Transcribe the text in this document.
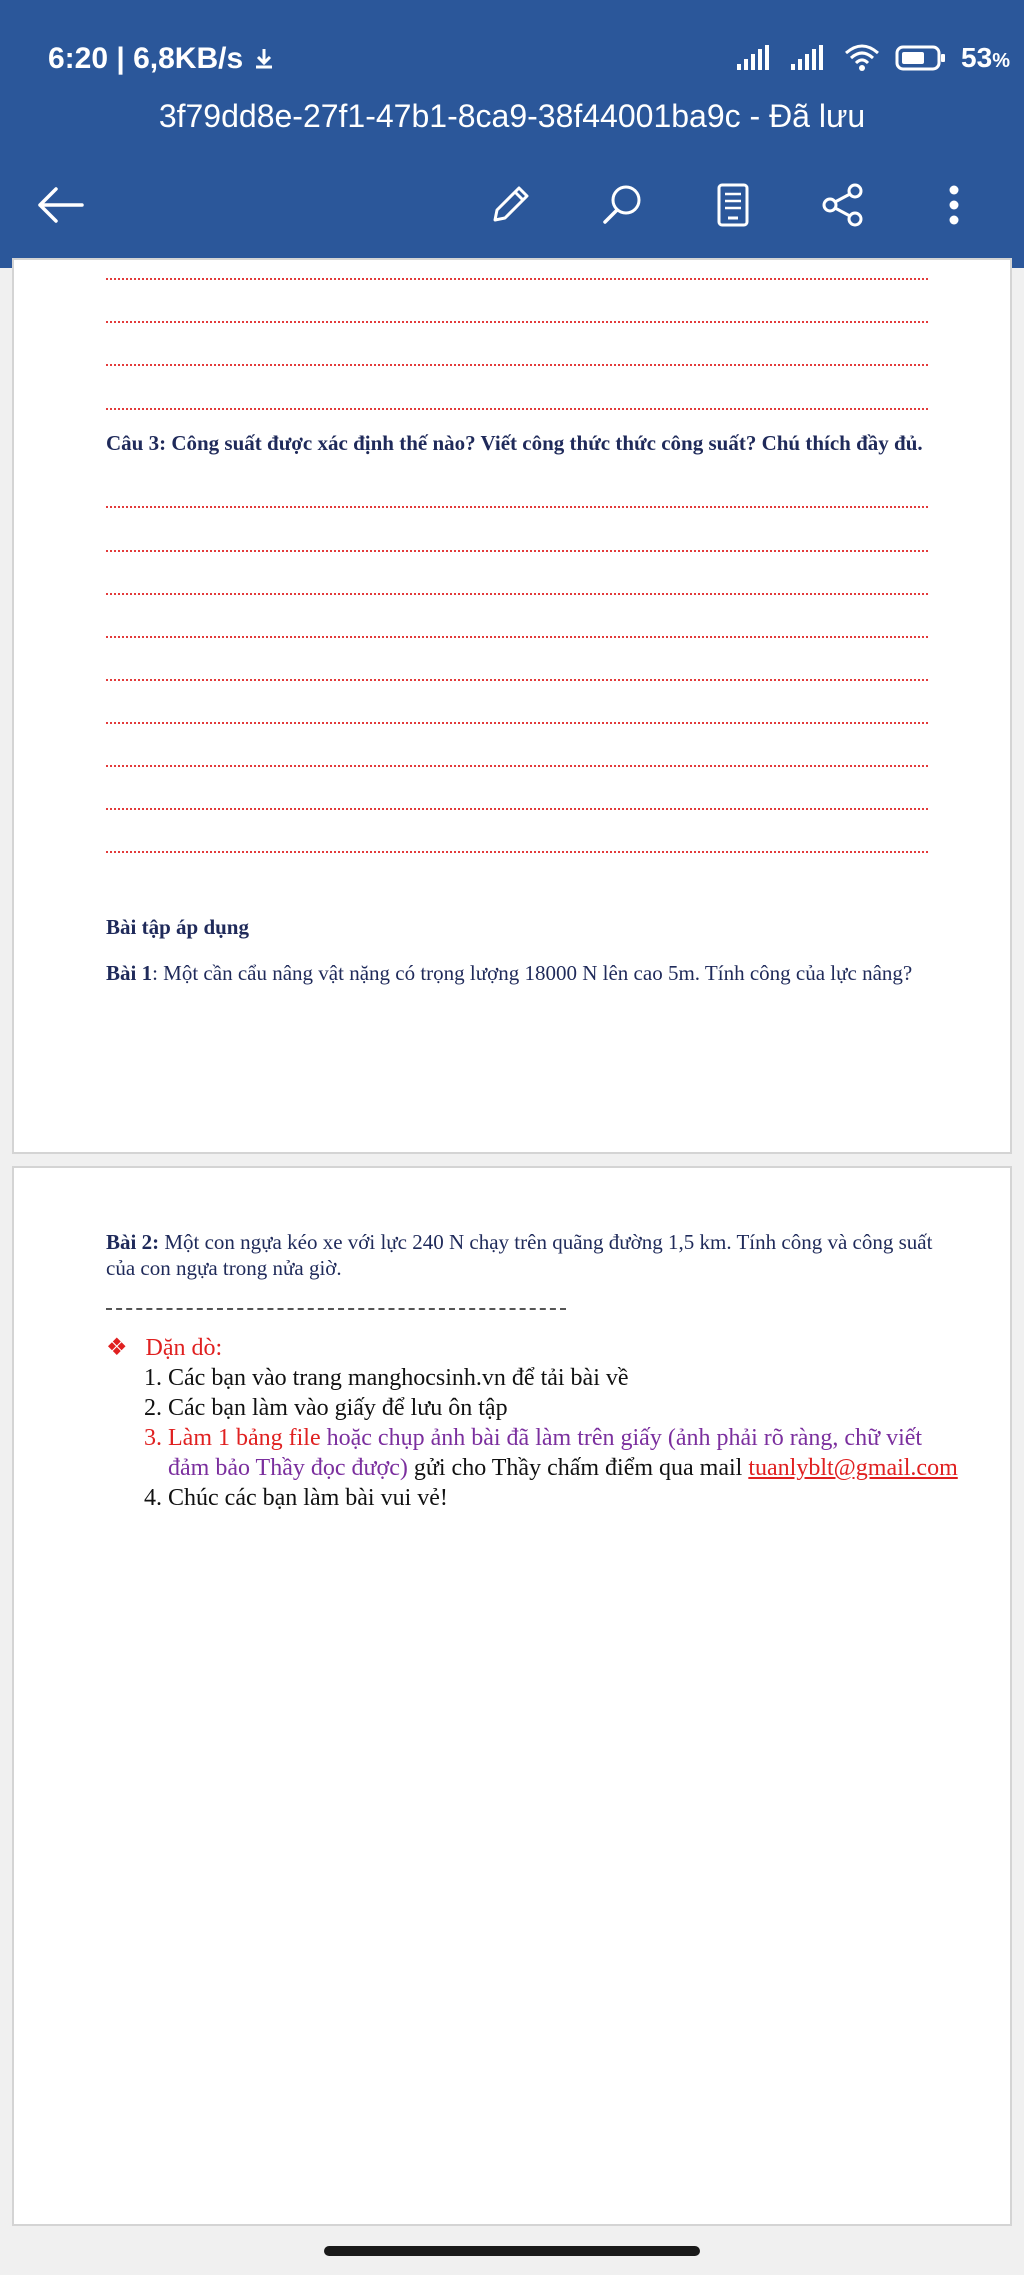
6:20 | 6,8KB/s	53%
3f79dd8e-27f1-47b1-8ca9-38f44001ba9c - Đã lưu
Câu 3: Công suất được xác định thế nào? Viết công thức thức công suất? Chú thích đầy đủ.
Bài tập áp dụng
Bài 1: Một cần cẩu nâng vật nặng có trọng lượng 18000 N lên cao 5m. Tính công của lực nâng?
Bài 2: Một con ngựa kéo xe với lực 240 N chạy trên quãng đường 1,5 km. Tính công và công suất của con ngựa trong nửa giờ.
❖ Dặn dò:
1. Các bạn vào trang manghocsinh.vn để tải bài về
2. Các bạn làm vào giấy để lưu ôn tập
3. Làm 1 bảng file hoặc chụp ảnh bài đã làm trên giấy (ảnh phải rõ ràng, chữ viết đảm bảo Thầy đọc được) gửi cho Thầy chấm điểm qua mail tuanlyblt@gmail.com
4. Chúc các bạn làm bài vui vẻ!
